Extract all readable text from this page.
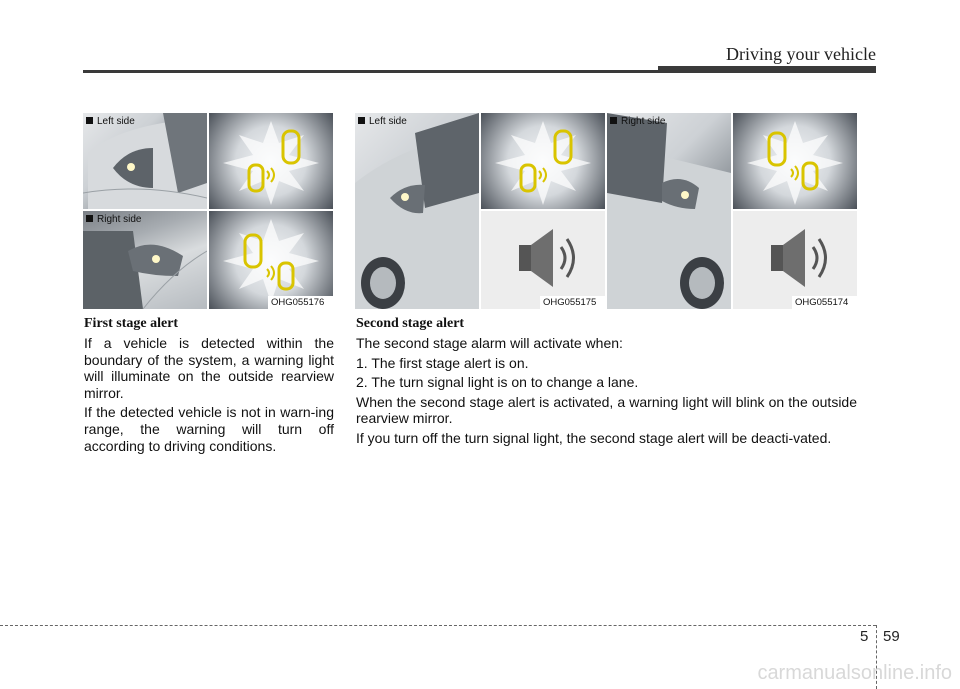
Driving your vehicle
Left side
Right side
OHG055176
Left side
OHG055175
Right side
OHG055174
First stage alert

If a vehicle is detected within the boundary of the system, a warning light will illuminate on the outside rearview mirror.

If the detected vehicle is not in warn-ing range, the warning will turn off according to driving conditions.

Second stage alert

The second stage alarm will activate when:

1. The first stage alert is on.

2. The turn signal light is on to change a lane.

When the second stage alert is activated, a warning light will blink on the outside rearview mirror.

If you turn off the turn signal light, the second stage alert will be deacti-vated.

5 59
carmanualsonline.info
